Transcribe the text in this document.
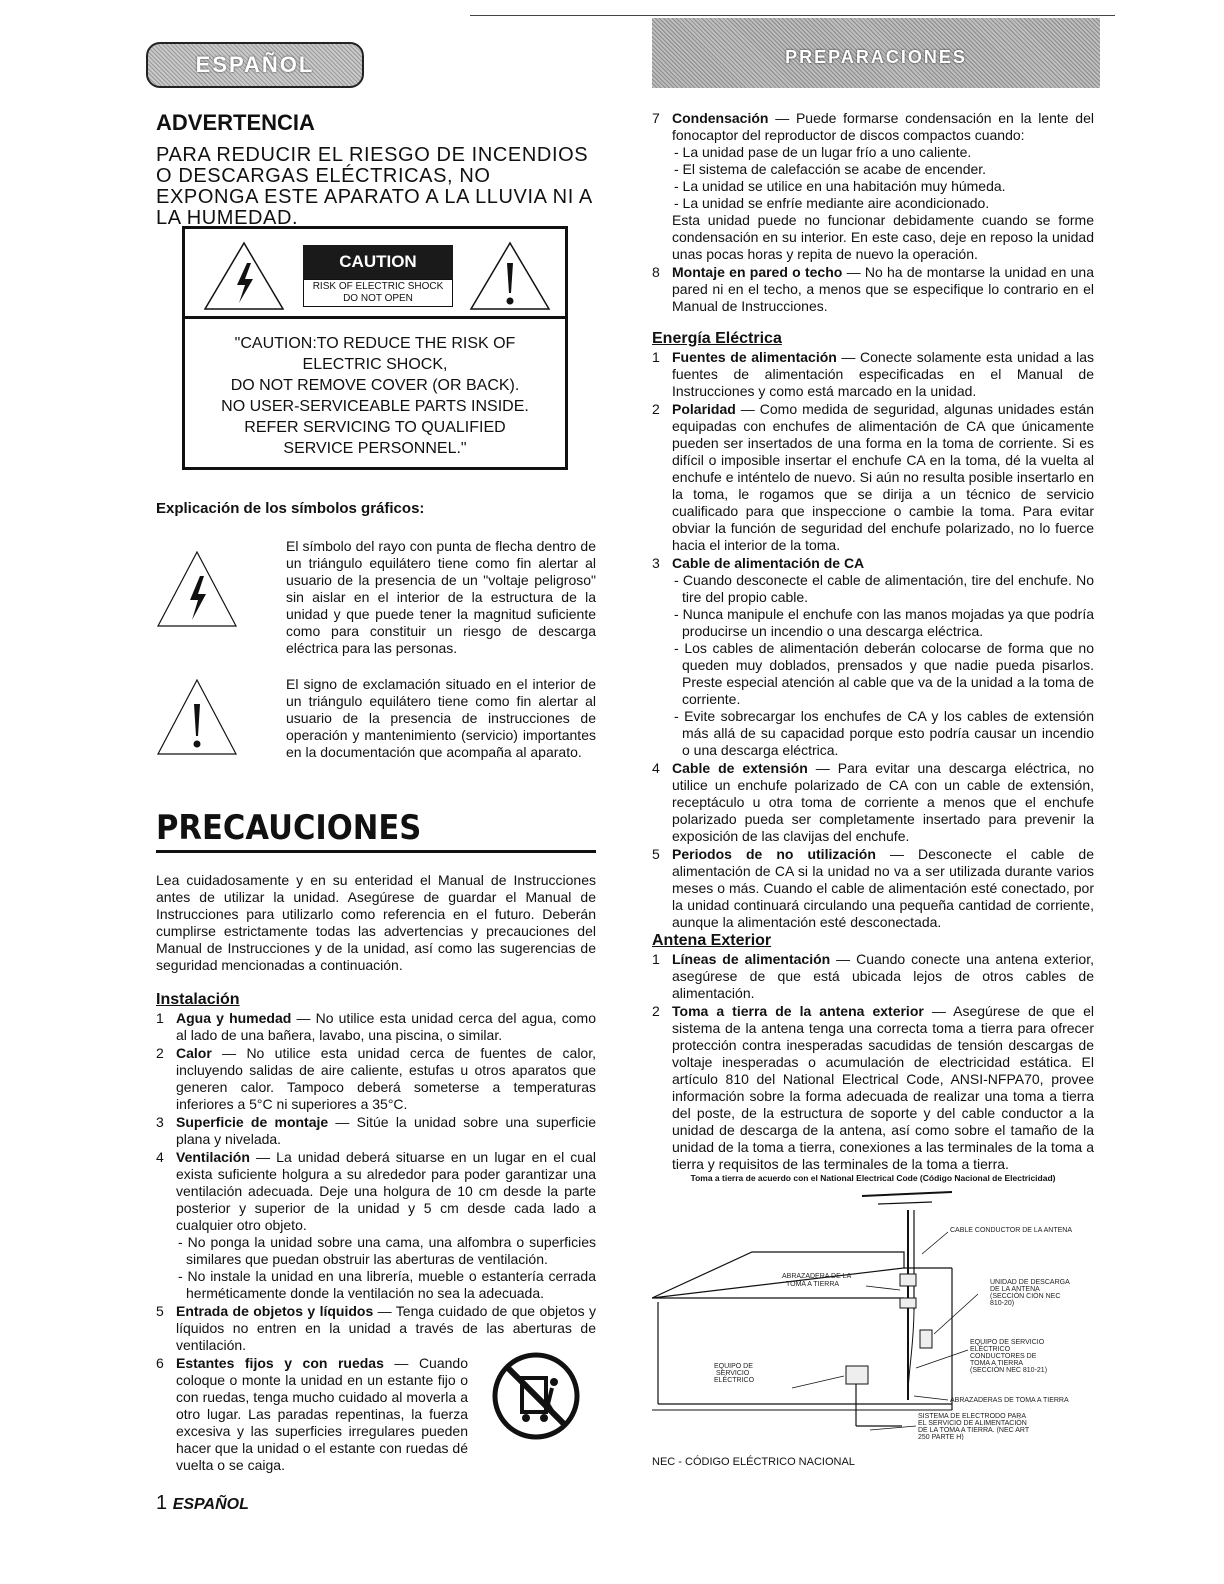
ESPAÑOL	PREPARACIONES
ADVERTENCIA
PARA REDUCIR EL RIESGO DE INCENDIOS O DESCARGAS ELÉCTRICAS, NO EXPONGA ESTE APARATO A LA LLUVIA NI A LA HUMEDAD.
CAUTION
RISK OF ELECTRIC SHOCK
DO NOT OPEN
"CAUTION:TO REDUCE THE RISK OF
ELECTRIC SHOCK,
DO NOT REMOVE COVER (OR BACK).
NO USER-SERVICEABLE PARTS INSIDE.
REFER SERVICING TO QUALIFIED
SERVICE PERSONNEL."
Explicación de los símbolos gráficos:
El símbolo del rayo con punta de flecha dentro de un triángulo equilátero tiene como fin alertar al usuario de la presencia de un "voltaje peligroso" sin aislar en el interior de la estructura de la unidad y que puede tener la magnitud suficiente como para constituir un riesgo de descarga eléctrica para las personas.
El signo de exclamación situado en el interior de un triángulo equilátero tiene como fin alertar al usuario de la presencia de instrucciones de operación y mantenimiento (servicio) importantes en la documentación que acompaña al aparato.
PRECAUCIONES
Lea cuidadosamente y en su enteridad el Manual de Instrucciones antes de utilizar la unidad. Asegúrese de guardar el Manual de Instrucciones para utilizarlo como referencia en el futuro. Deberán cumplirse estrictamente todas las advertencias y precauciones del Manual de Instrucciones y de la unidad, así como las sugerencias de seguridad mencionadas a continuación.
Instalación
1 Agua y humedad — No utilice esta unidad cerca del agua, como al lado de una bañera, lavabo, una piscina, o similar.
2 Calor — No utilice esta unidad cerca de fuentes de calor, incluyendo salidas de aire caliente, estufas u otros aparatos que generen calor. Tampoco deberá someterse a temperaturas inferiores a 5°C ni superiores a 35°C.
3 Superficie de montaje — Sitúe la unidad sobre una superficie plana y nivelada.
4 Ventilación — La unidad deberá situarse en un lugar en el cual exista suficiente holgura a su alrededor para poder garantizar una ventilación adecuada. Deje una holgura de 10 cm desde la parte posterior y superior de la unidad y 5 cm desde cada lado a cualquier otro objeto.
- No ponga la unidad sobre una cama, una alfombra o superficies similares que puedan obstruir las aberturas de ventilación.
- No instale la unidad en una librería, mueble o estantería cerrada herméticamente donde la ventilación no sea la adecuada.
5 Entrada de objetos y líquidos — Tenga cuidado de que objetos y líquidos no entren en la unidad a través de las aberturas de ventilación.
6 Estantes fijos y con ruedas — Cuando coloque o monte la unidad en un estante fijo o con ruedas, tenga mucho cuidado al moverla a otro lugar. Las paradas repentinas, la fuerza excesiva y las superficies irregulares pueden hacer que la unidad o el estante con ruedas dé vuelta o se caiga.
7 Condensación — Puede formarse condensación en la lente del fonocaptor del reproductor de discos compactos cuando:
- La unidad pase de un lugar frío a uno caliente.
- El sistema de calefacción se acabe de encender.
- La unidad se utilice en una habitación muy húmeda.
- La unidad se enfríe mediante aire acondicionado.
Esta unidad puede no funcionar debidamente cuando se forme condensación en su interior. En este caso, deje en reposo la unidad unas pocas horas y repita de nuevo la operación.
8 Montaje en pared o techo — No ha de montarse la unidad en una pared ni en el techo, a menos que se especifique lo contrario en el Manual de Instrucciones.
Energía Eléctrica
1 Fuentes de alimentación — Conecte solamente esta unidad a las fuentes de alimentación especificadas en el Manual de Instrucciones y como está marcado en la unidad.
2 Polaridad — Como medida de seguridad, algunas unidades están equipadas con enchufes de alimentación de CA que únicamente pueden ser insertados de una forma en la toma de corriente. Si es difícil o imposible insertar el enchufe CA en la toma, dé la vuelta al enchufe e inténtelo de nuevo. Si aún no resulta posible insertarlo en la toma, le rogamos que se dirija a un técnico de servicio cualificado para que inspeccione o cambie la toma. Para evitar obviar la función de seguridad del enchufe polarizado, no lo fuerce hacia el interior de la toma.
3 Cable de alimentación de CA
- Cuando desconecte el cable de alimentación, tire del enchufe. No tire del propio cable.
- Nunca manipule el enchufe con las manos mojadas ya que podría producirse un incendio o una descarga eléctrica.
- Los cables de alimentación deberán colocarse de forma que no queden muy doblados, prensados y que nadie pueda pisarlos. Preste especial atención al cable que va de la unidad a la toma de corriente.
- Evite sobrecargar los enchufes de CA y los cables de extensión más allá de su capacidad porque esto podría causar un incendio o una descarga eléctrica.
4 Cable de extensión — Para evitar una descarga eléctrica, no utilice un enchufe polarizado de CA con un cable de extensión, receptáculo u otra toma de corriente a menos que el enchufe polarizado pueda ser completamente insertado para prevenir la exposición de las clavijas del enchufe.
5 Periodos de no utilización — Desconecte el cable de alimentación de CA si la unidad no va a ser utilizada durante varios meses o más. Cuando el cable de alimentación esté conectado, por la unidad continuará circulando una pequeña cantidad de corriente, aunque la alimentación esté desconectada.
Antena Exterior
1 Líneas de alimentación — Cuando conecte una antena exterior, asegúrese de que está ubicada lejos de otros cables de alimentación.
2 Toma a tierra de la antena exterior — Asegúrese de que el sistema de la antena tenga una correcta toma a tierra para ofrecer protección contra inesperadas sacudidas de tensión descargas de voltaje inesperadas o acumulación de electricidad estática. El artículo 810 del National Electrical Code, ANSI-NFPA70, provee información sobre la forma adecuada de realizar una toma a tierra del poste, de la estructura de soporte y del cable conductor a la unidad de descarga de la antena, así como sobre el tamaño de la unidad de la toma a tierra, conexiones a las terminales de la toma a tierra y requisitos de las terminales de la toma a tierra.
Toma a tierra de acuerdo con el National Electrical Code (Código Nacional de Electricidad)
CABLE CONDUCTOR DE LA ANTENA
ABRAZADERA DE LA
TOMA A TIERRA	UNIDAD DE DESCARGA
DE LA ANTENA
(SECCIÓN CIÓN NEC
810-20)
EQUIPO DE SERVICIO
ELÉCTRICO
CONDUCTORES DE
TOMA A TIERRA
(SECCIÓN NEC 810-21)
EQUIPO DE
SERVICIO
ELÉCTRICO
ABRAZADERAS DE TOMA A TIERRA
SISTEMA DE ELECTRODO PARA
EL SERVICIO DE ALIMENTACIÓN
DE LA TOMA A TIERRA. (NEC ART
250 PARTE H)
NEC - CÓDIGO ELÉCTRICO NACIONAL
1 ESPAÑOL
